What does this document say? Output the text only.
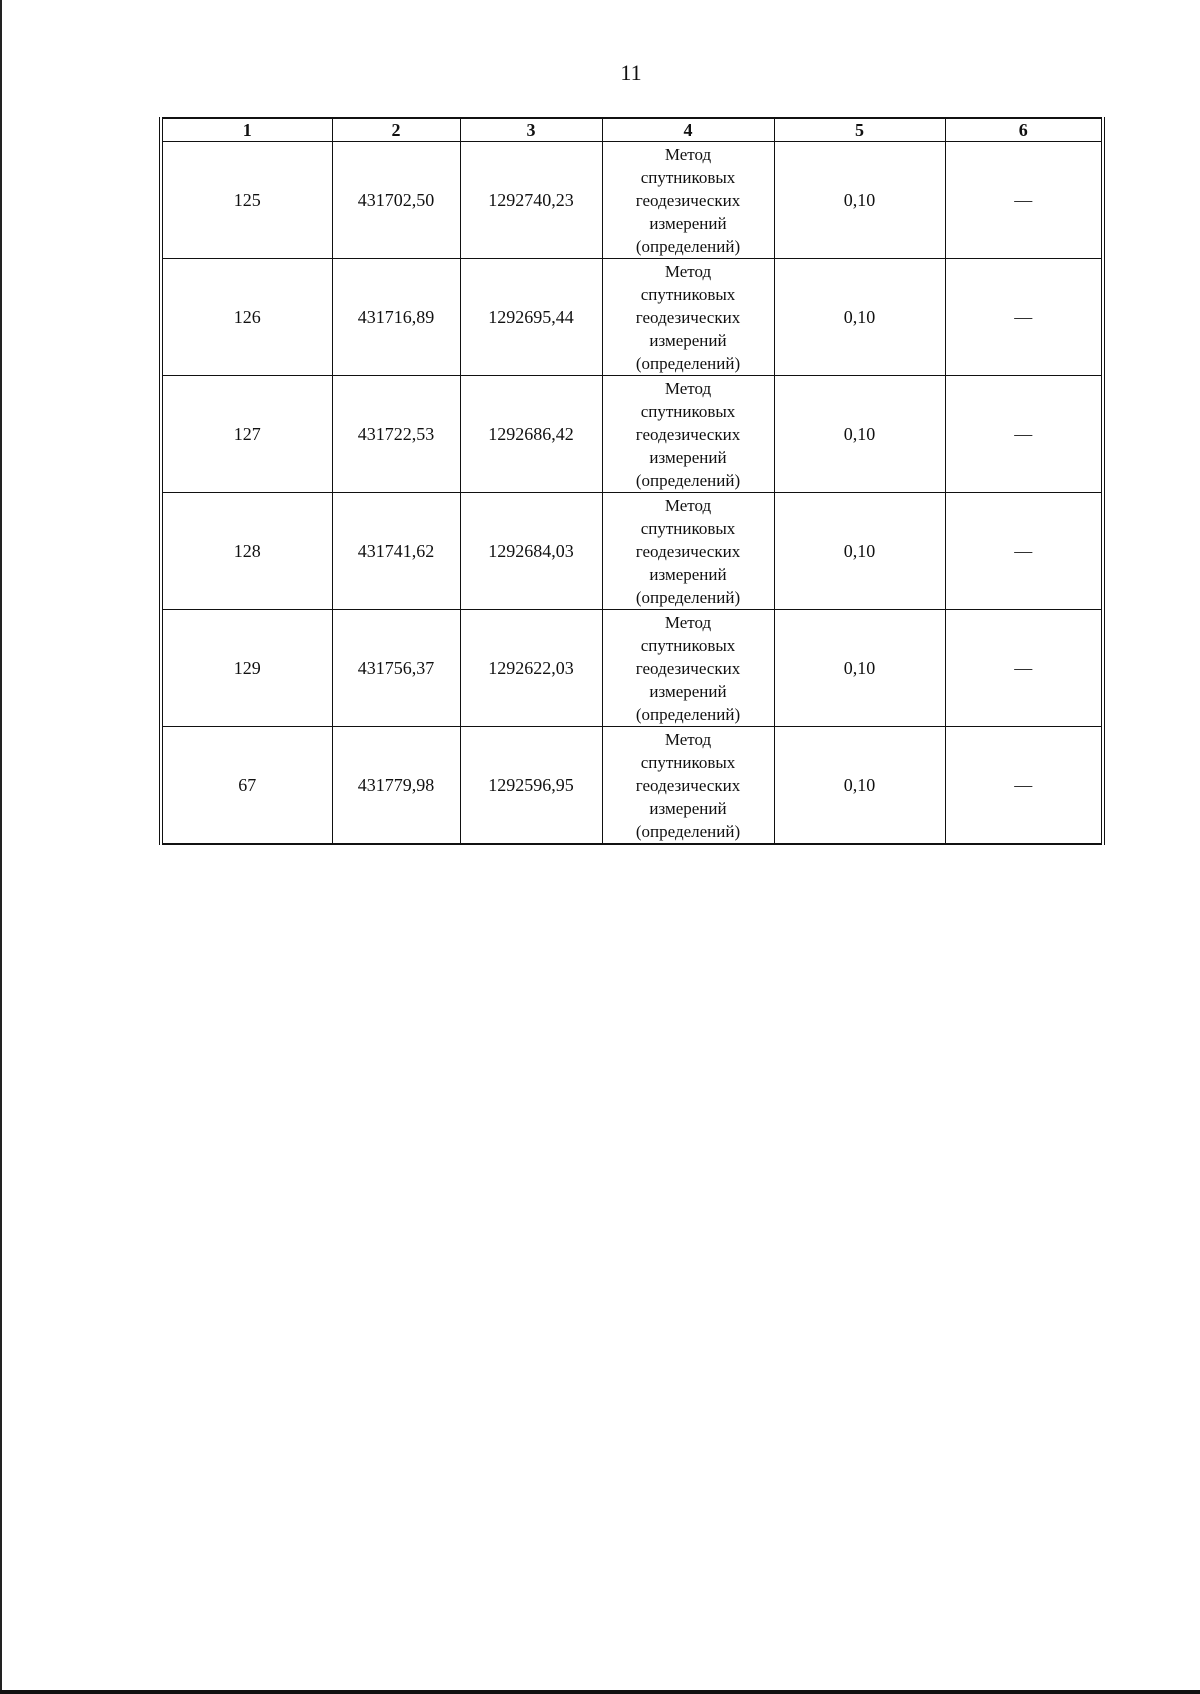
11
1	2	3	4	5	6
125	431702,50	1292740,23	Метод
спутниковых
геодезических
измерений
(определений)	0,10	—
126	431716,89	1292695,44	Метод
спутниковых
геодезических
измерений
(определений)	0,10	—
127	431722,53	1292686,42	Метод
спутниковых
геодезических
измерений
(определений)	0,10	—
128	431741,62	1292684,03	Метод
спутниковых
геодезических
измерений
(определений)	0,10	—
129	431756,37	1292622,03	Метод
спутниковых
геодезических
измерений
(определений)	0,10	—
67	431779,98	1292596,95	Метод
спутниковых
геодезических
измерений
(определений)	0,10	—
